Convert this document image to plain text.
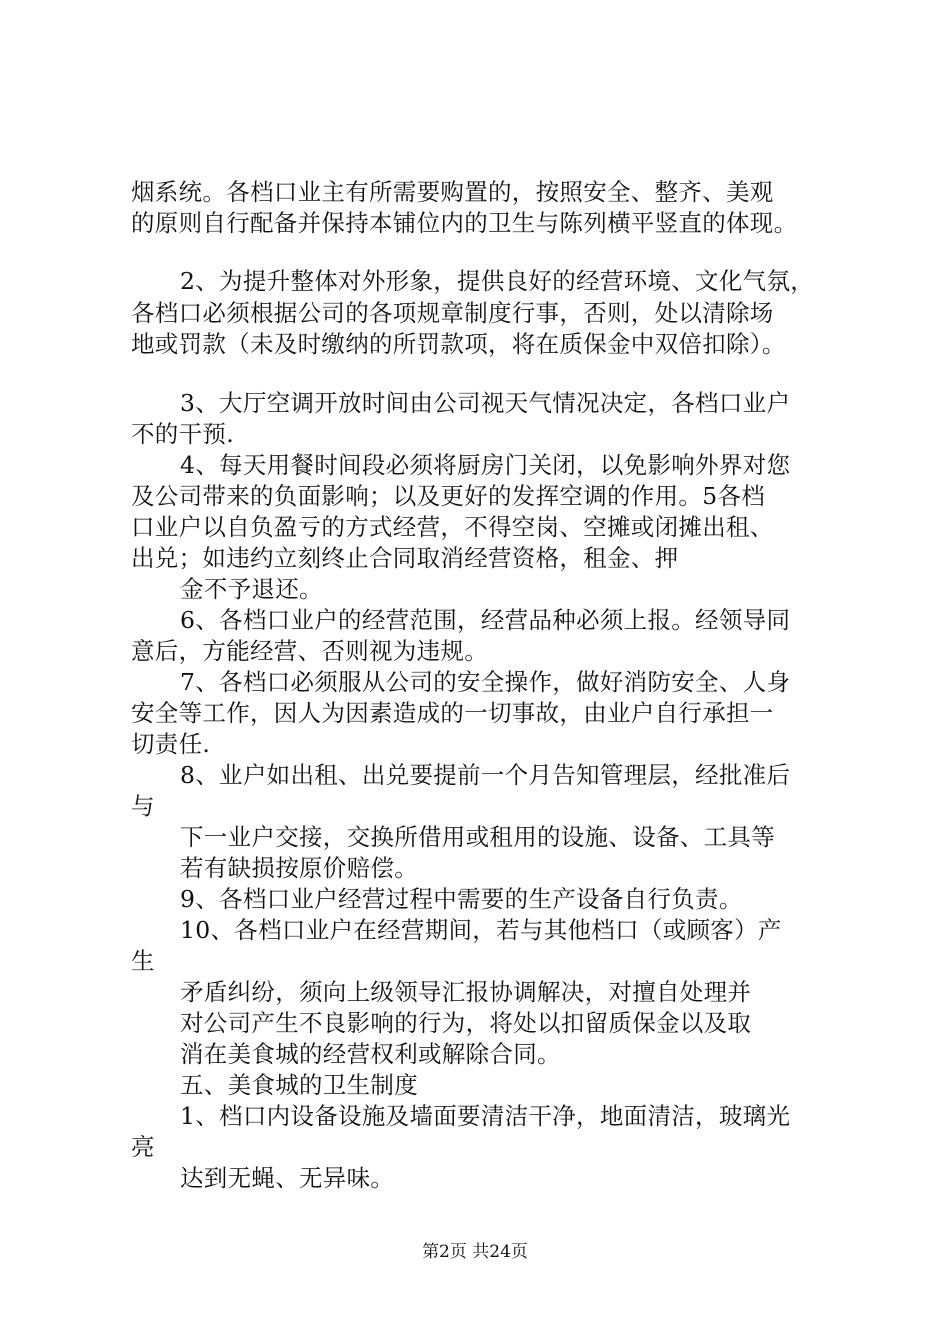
烟系统。各档口业主有所需要购置的，按照安全、整齐、美观
的原则自行配备并保持本铺位内的卫生与陈列横平竖直的体现。
2、为提升整体对外形象，提供良好的经营环境、文化气氛，
各档口必须根据公司的各项规章制度行事，否则，处以清除场
地或罚款（未及时缴纳的所罚款项，将在质保金中双倍扣除）。
3、大厅空调开放时间由公司视天气情况决定，各档口业户
不的干预.
4、每天用餐时间段必须将厨房门关闭，以免影响外界对您
及公司带来的负面影响；以及更好的发挥空调的作用。5各档
口业户以自负盈亏的方式经营，不得空岗、空摊或闭摊出租、
出兑；如违约立刻终止合同取消经营资格，租金、押
金不予退还。
6、各档口业户的经营范围，经营品种必须上报。经领导同
意后，方能经营、否则视为违规。
7、各档口必须服从公司的安全操作，做好消防安全、人身
安全等工作，因人为因素造成的一切事故，由业户自行承担一
切责任.
8、业户如出租、出兑要提前一个月告知管理层，经批准后
与
下一业户交接，交换所借用或租用的设施、设备、工具等
若有缺损按原价赔偿。
9、各档口业户经营过程中需要的生产设备自行负责。
10、各档口业户在经营期间，若与其他档口（或顾客）产
生
矛盾纠纷，须向上级领导汇报协调解决，对擅自处理并
对公司产生不良影响的行为，将处以扣留质保金以及取
消在美食城的经营权利或解除合同。
五、美食城的卫生制度
1、档口内设备设施及墙面要清洁干净，地面清洁，玻璃光
亮
达到无蝇、无异味。
第2页 共24页
